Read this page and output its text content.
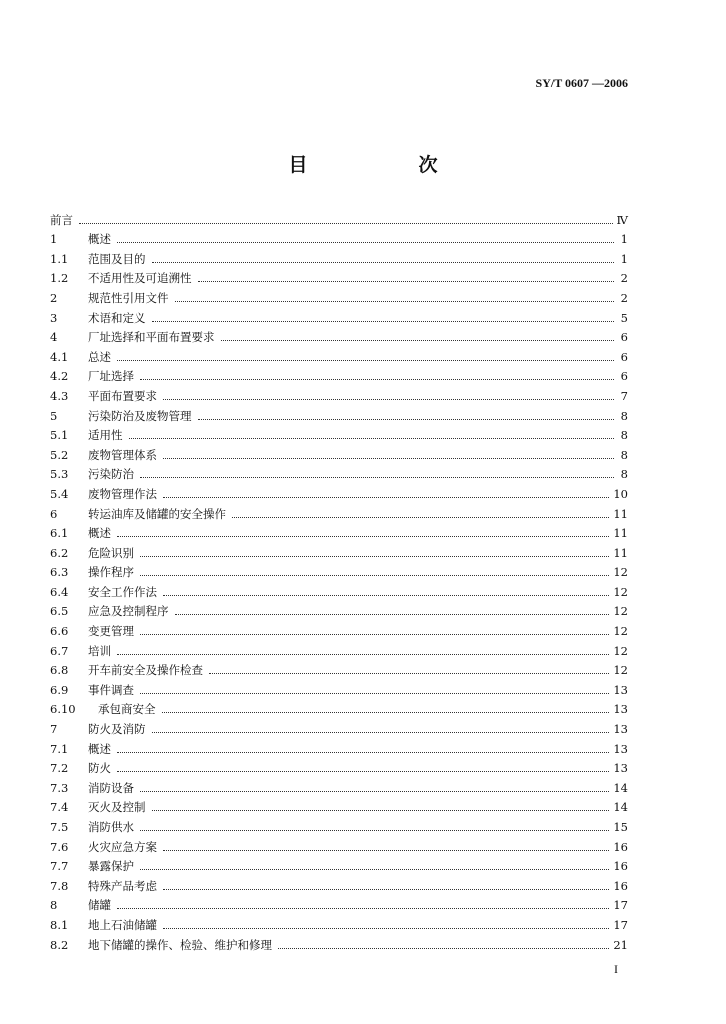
SY/T 0607 —2006
目　次
前言	Ⅳ
1	概述	1
1.1	范围及目的	1
1.2	不适用性及可追溯性	2
2	规范性引用文件	2
3	术语和定义	5
4	厂址选择和平面布置要求	6
4.1	总述	6
4.2	厂址选择	6
4.3	平面布置要求	7
5	污染防治及废物管理	8
5.1	适用性	8
5.2	废物管理体系	8
5.3	污染防治	8
5.4	废物管理作法	10
6	转运油库及储罐的安全操作	11
6.1	概述	11
6.2	危险识别	11
6.3	操作程序	12
6.4	安全工作作法	12
6.5	应急及控制程序	12
6.6	变更管理	12
6.7	培训	12
6.8	开车前安全及操作检查	12
6.9	事件调查	13
6.10	承包商安全	13
7	防火及消防	13
7.1	概述	13
7.2	防火	13
7.3	消防设备	14
7.4	灭火及控制	14
7.5	消防供水	15
7.6	火灾应急方案	16
7.7	暴露保护	16
7.8	特殊产品考虑	16
8	储罐	17
8.1	地上石油储罐	17
8.2	地下储罐的操作、检验、维护和修理	21
I
